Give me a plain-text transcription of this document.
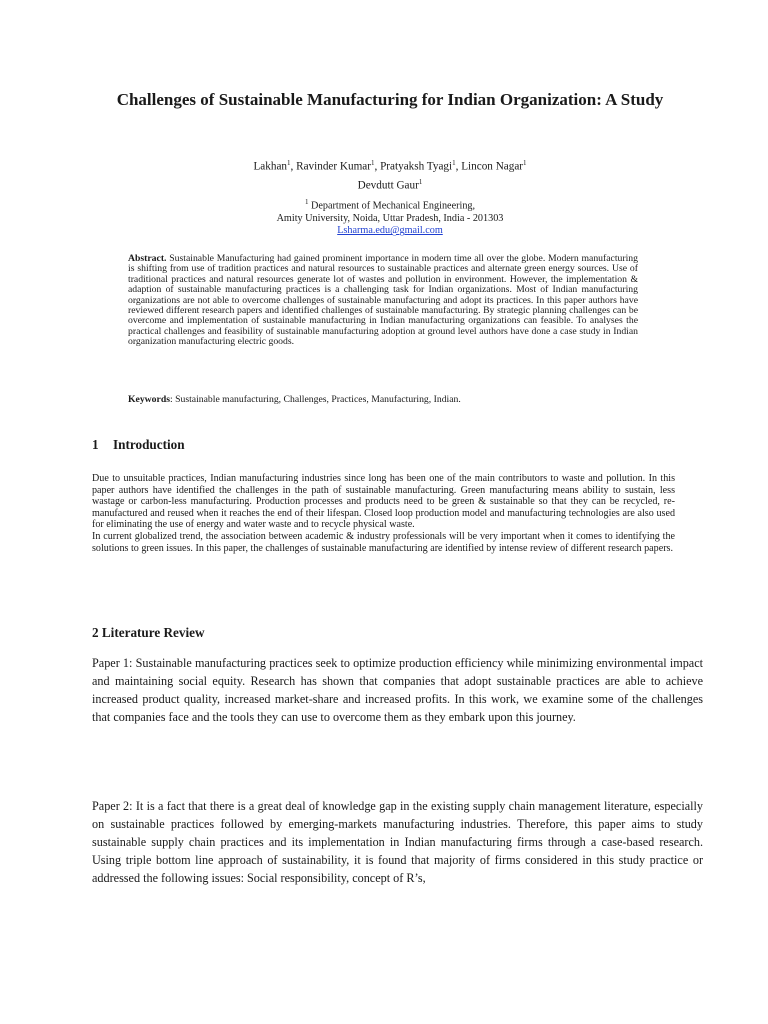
Challenges of Sustainable Manufacturing for Indian Organization: A Study
Lakhan$^1$, Ravinder Kumar$^1$, Pratyaksh Tyagi$^1$, Lincon Nagar$^1$
Devdutt Gaur$^1$
$^1$ Department of Mechanical Engineering,
Amity University, Noida, Uttar Pradesh, India - 201303
Lsharma.edu@gmail.com

Abstract. Sustainable Manufacturing had gained prominent importance in modern time all over the globe. Modern manufacturing is shifting from use of tradition practices and natural resources to sustainable practices and alternate green energy sources. Use of traditional practices and natural resources generate lot of wastes and pollution in environment. However, the implementation & adaption of sustainable manufacturing practices is a challenging task for Indian organizations. Most of Indian manufacturing organizations are not able to overcome challenges of sustainable manufacturing and adopt its practices. In this paper authors have reviewed different research papers and identified challenges of sustainable manufacturing. By strategic planning challenges can be overcome and implementation of sustainable manufacturing in Indian manufacturing organizations can feasible. To analyses the practical challenges and feasibility of sustainable manufacturing adoption at ground level authors have done a case study in Indian organization manufacturing electric goods.

Keywords: Sustainable manufacturing, Challenges, Practices, Manufacturing, Indian.

1 Introduction

Due to unsuitable practices, Indian manufacturing industries since long has been one of the main contributors to waste and pollution. In this paper authors have identified the challenges in the path of sustainable manufacturing. Green manufacturing means ability to sustain, less wastage or carbon-less manufacturing. Production processes and products need to be green & sustainable so that they can be recycled, re-manufactured and reused when it reaches the end of their lifespan. Closed loop production model and manufacturing technologies are also used for eliminating the use of energy and water waste and to recycle physical waste.

In current globalized trend, the association between academic & industry professionals will be very important when it comes to identifying the solutions to green issues. In this paper, the challenges of sustainable manufacturing are identified by intense review of different research papers.

2 Literature Review

Paper 1: Sustainable manufacturing practices seek to optimize production efficiency while minimizing environmental impact and maintaining social equity. Research has shown that companies that adopt sustainable practices are able to achieve increased product quality, increased market-share and increased profits. In this work, we examine some of the challenges that companies face and the tools they can use to overcome them as they embark upon this journey.

Paper 2: It is a fact that there is a great deal of knowledge gap in the existing supply chain management literature, especially on sustainable practices followed by emerging-markets manufacturing industries. Therefore, this paper aims to study sustainable supply chain practices and its implementation in Indian manufacturing firms through a case-based research. Using triple bottom line approach of sustainability, it is found that majority of firms considered in this study practice or addressed the following issues: Social responsibility, concept of R’s,
